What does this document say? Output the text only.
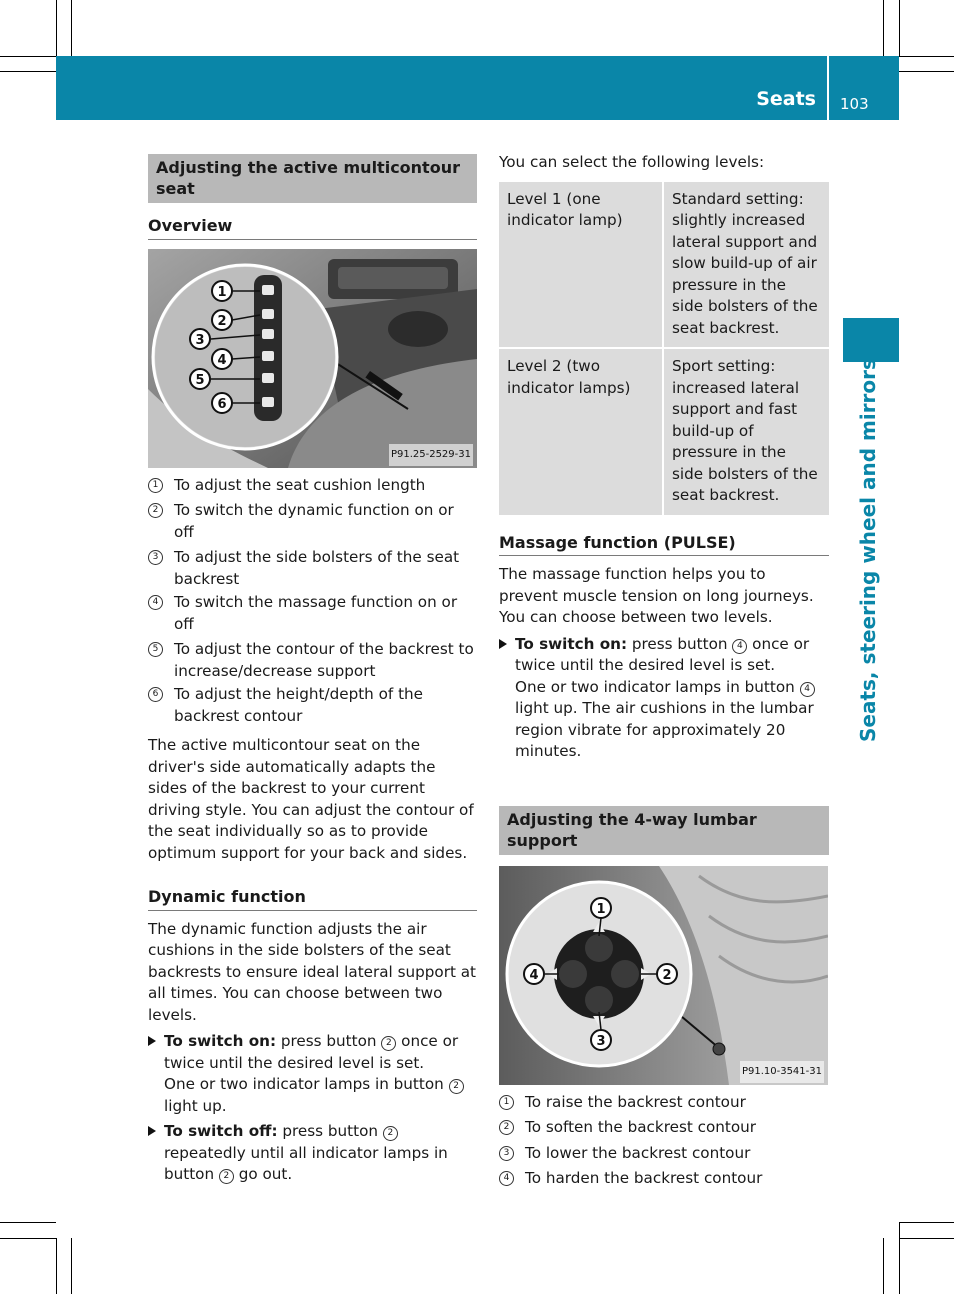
Seats 103
Seats, steering wheel and mirrors
Adjusting the active multicontour seat
Overview
1
2
3
4
5
6
P91.25-2529-31
1	To adjust the seat cushion length
2	To switch the dynamic function on or off
3	To adjust the side bolsters of the seat backrest
4	To switch the massage function on or off
5	To adjust the contour of the backrest to increase/decrease support
6	To adjust the height/depth of the backrest contour

The active multicontour seat on the driver's side automatically adapts the sides of the backrest to your current driving style. You can adjust the contour of the seat individually so as to provide optimum support for your back and sides.

Dynamic function

The dynamic function adjusts the air cushions in the side bolsters of the seat backrests to ensure ideal lateral support at all times. You can choose between two levels.

To switch on: press button 2 once or twice until the desired level is set.
One or two indicator lamps in button 2 light up.
To switch off: press button 2 repeatedly until all indicator lamps in button 2 go out.

You can select the following levels:

Level 1 (one indicator lamp)	Standard setting: slightly increased lateral support and slow build-up of air pressure in the side bolsters of the seat backrest.
Level 2 (two indicator lamps)	Sport setting: increased lateral support and fast build-up of pressure in the side bolsters of the seat backrest.
Massage function (PULSE)

The massage function helps you to prevent muscle tension on long journeys. You can choose between two levels.

To switch on: press button 4 once or twice until the desired level is set.
One or two indicator lamps in button 4 light up. The air cushions in the lumbar region vibrate for approximately 20 minutes.
Adjusting the 4-way lumbar support
1
2
3
4
P91.10-3541-31
1	To raise the backrest contour
2	To soften the backrest contour
3	To lower the backrest contour
4	To harden the backrest contour
